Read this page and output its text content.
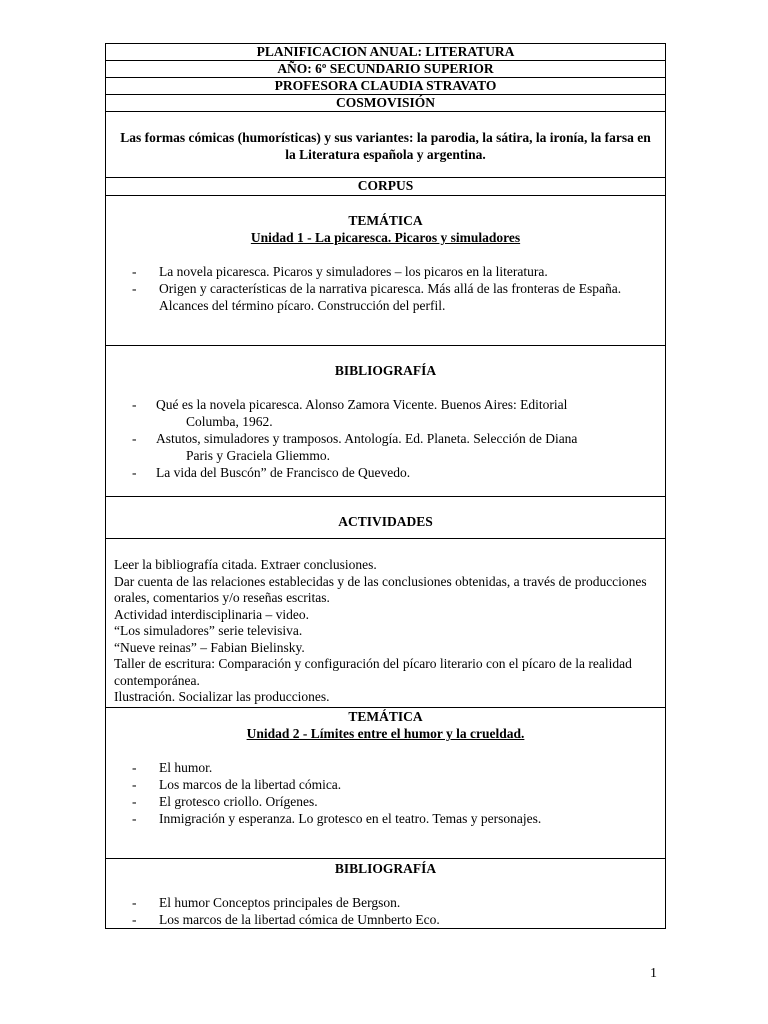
PLANIFICACION ANUAL: LITERATURA
AÑO: 6º SECUNDARIO SUPERIOR
PROFESORA CLAUDIA STRAVATO
COSMOVISIÓN
Las formas cómicas (humorísticas) y sus variantes: la parodia, la sátira, la ironía, la farsa en la Literatura española y argentina.
CORPUS

TEMÁTICA
Unidad 1 - La picaresca. Picaros y simuladores
- La novela picaresca. Picaros y simuladores – los picaros en la literatura.
- Origen y características de la narrativa picaresca. Más allá de las fronteras de España. Alcances del término pícaro. Construcción del perfil.

BIBLIOGRAFÍA
- Qué es la novela picaresca. Alonso Zamora Vicente. Buenos Aires: Editorial
Columba, 1962.
- Astutos, simuladores y tramposos. Antología. Ed. Planeta. Selección de Diana
Paris y Graciela Gliemmo.
- La vida del Buscón” de Francisco de Quevedo.

ACTIVIDADES

Leer la bibliografía citada. Extraer conclusiones.

Dar cuenta de las relaciones establecidas y de las conclusiones obtenidas, a través de producciones orales, comentarios y/o reseñas escritas.

Actividad interdisciplinaria – video.

“Los simuladores” serie televisiva.

“Nueve reinas” – Fabian Bielinsky.

Taller de escritura: Comparación y configuración del pícaro literario con el pícaro de la realidad contemporánea.

Ilustración. Socializar las producciones.

TEMÁTICA
Unidad 2 - Límites entre el humor y la crueldad.
- El humor.
- Los marcos de la libertad cómica.
- El grotesco criollo. Orígenes.
- Inmigración y esperanza. Lo grotesco en el teatro. Temas y personajes.

BIBLIOGRAFÍA
- El humor Conceptos principales de Bergson.
- Los marcos de la libertad cómica de Umnberto Eco.
1
